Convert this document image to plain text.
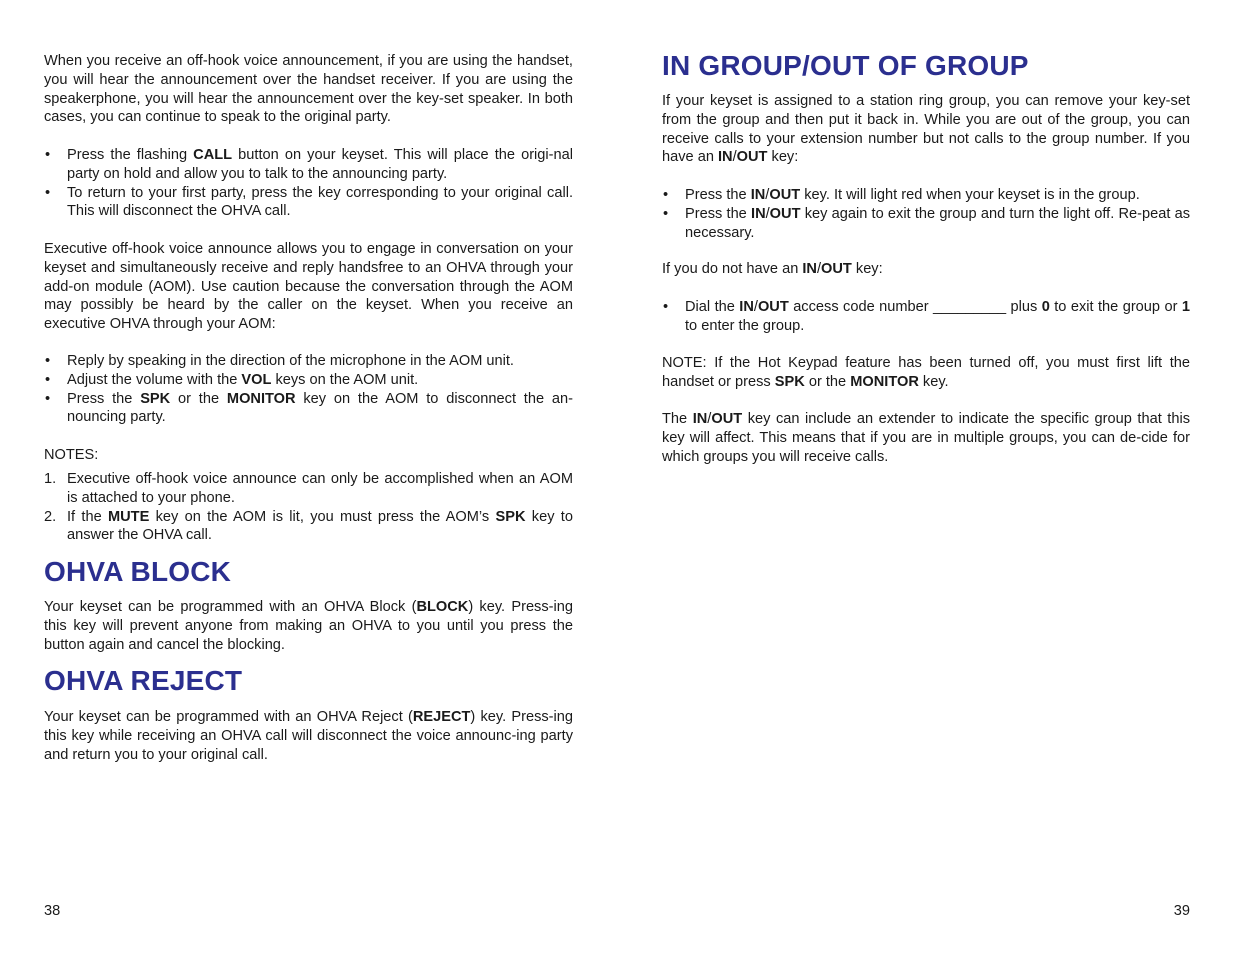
When you receive an off-hook voice announcement, if you are using the handset, you will hear the announcement over the handset receiver. If you are using the speakerphone, you will hear the announcement over the key-set speaker. In both cases, you can continue to speak to the original party.

•	Press the flashing CALL button on your keyset. This will place the origi-nal party on hold and allow you to talk to the announcing party.
•	To return to your first party, press the key corresponding to your original call. This will disconnect the OHVA call.

Executive off-hook voice announce allows you to engage in conversation on your keyset and simultaneously receive and reply handsfree to an OHVA through your add-on module (AOM). Use caution because the conversation through the AOM may possibly be heard by the caller on the keyset. When you receive an executive OHVA through your AOM:

•	Reply by speaking in the direction of the microphone in the AOM unit.
•	Adjust the volume with the VOL keys on the AOM unit.
•	Press the SPK or the MONITOR key on the AOM to disconnect the an-nouncing party.

NOTES:

1. Executive off-hook voice announce can only be accomplished when an AOM is attached to your phone.
2. If the MUTE key on the AOM is lit, you must press the AOM’s SPK key to answer the OHVA call.
OHVA BLOCK

Your keyset can be programmed with an OHVA Block (BLOCK) key. Press-ing this key will prevent anyone from making an OHVA to you until you press the button again and cancel the blocking.

OHVA REJECT

Your keyset can be programmed with an OHVA Reject (REJECT) key. Press-ing this key while receiving an OHVA call will disconnect the voice announc-ing party and return you to your original call.

38
IN GROUP/OUT OF GROUP

If your keyset is assigned to a station ring group, you can remove your key-set from the group and then put it back in. While you are out of the group, you can receive calls to your extension number but not calls to the group number. If you have an IN/OUT key:

•	Press the IN/OUT key. It will light red when your keyset is in the group.
•	Press the IN/OUT key again to exit the group and turn the light off. Re-peat as necessary.

If you do not have an IN/OUT key:

•	Dial the IN/OUT access code number _________ plus 0 to exit the group or 1 to enter the group.

NOTE: If the Hot Keypad feature has been turned off, you must first lift the handset or press SPK or the MONITOR key.

The IN/OUT key can include an extender to indicate the specific group that this key will affect. This means that if you are in multiple groups, you can de-cide for which groups you will receive calls.

39
